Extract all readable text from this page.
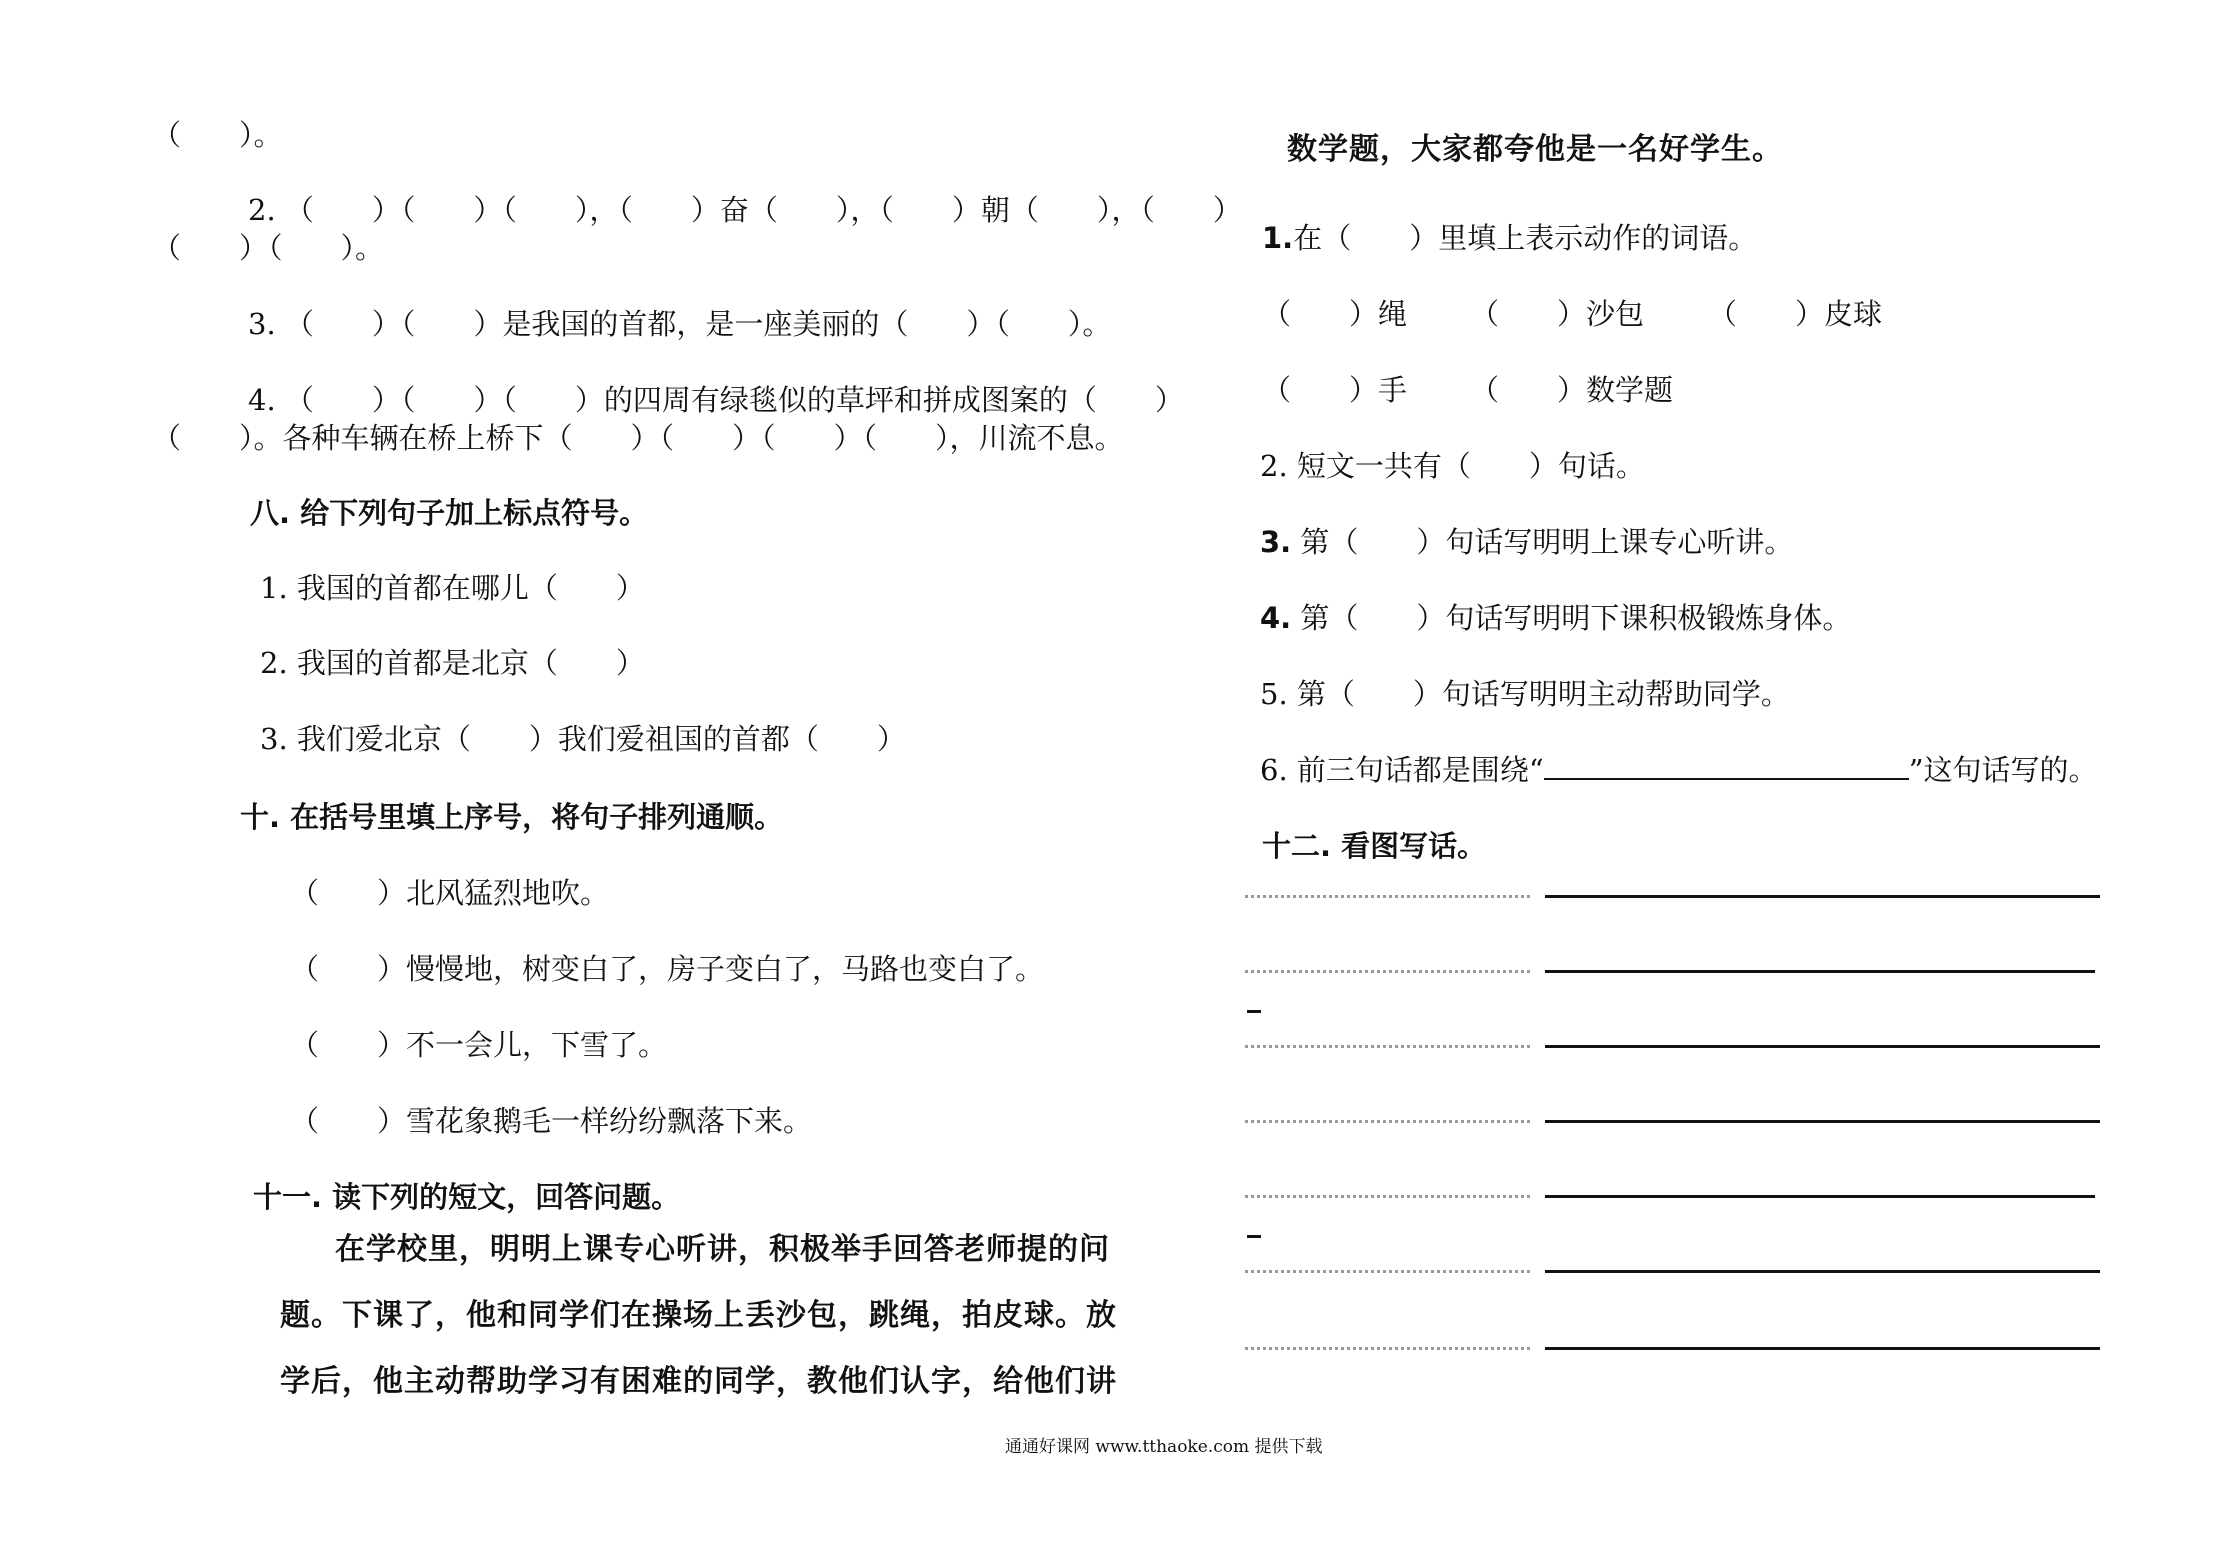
（　　）。
2. （　　）（　　）（　　），（　　）奋（　　），（　　）朝（　　），（　　）
（　　）（　　）。
3. （　　）（　　）是我国的首都，是一座美丽的（　　）（　　）。
4. （　　）（　　）（　　）的四周有绿毯似的草坪和拼成图案的（　　）
（　　）。各种车辆在桥上桥下（　　）（　　）（　　）（　　），川流不息。
八. 给下列句子加上标点符号。
1. 我国的首都在哪儿（　　）
2. 我国的首都是北京（　　）
3. 我们爱北京（　　）我们爱祖国的首都（　　）
十. 在括号里填上序号，将句子排列通顺。
（　　）北风猛烈地吹。
（　　）慢慢地，树变白了，房子变白了，马路也变白了。
（　　）不一会儿，下雪了。
（　　）雪花象鹅毛一样纷纷飘落下来。
十一. 读下列的短文，回答问题。
在学校里，明明上课专心听讲，积极举手回答老师提的问
题。下课了，他和同学们在操场上丢沙包，跳绳，拍皮球。放
学后，他主动帮助学习有困难的同学，教他们认字，给他们讲
数学题，大家都夸他是一名好学生。
1.在（　　）里填上表示动作的词语。
（　　）绳 （　　）沙包 （　　）皮球
（　　）手 （　　）数学题
2. 短文一共有（　　）句话。
3. 第（　　）句话写明明上课专心听讲。
4. 第（　　）句话写明明下课积极锻炼身体。
5. 第（　　）句话写明明主动帮助同学。
6. 前三句话都是围绕“	”这句话写的。
十二. 看图写话。
通通好课网 www.tthaoke.com 提供下载
